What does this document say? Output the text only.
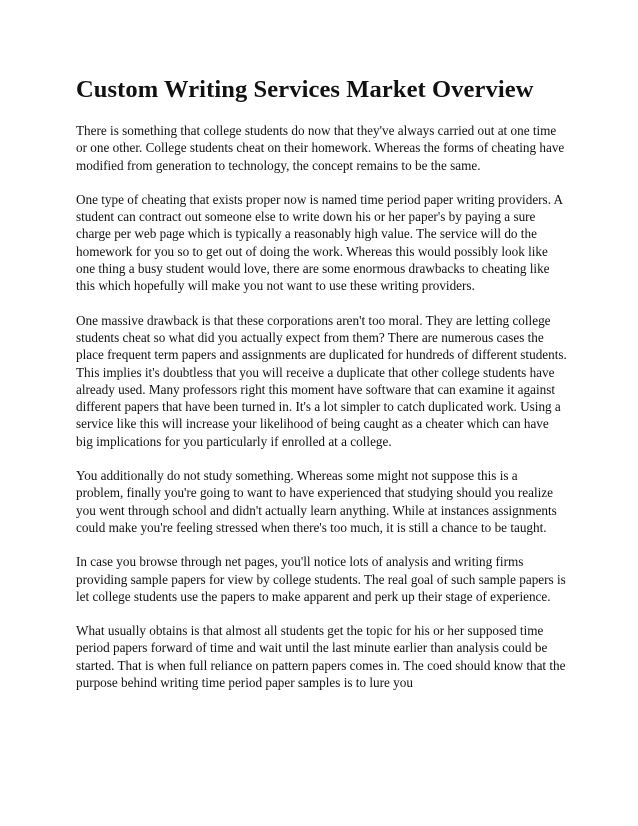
Custom Writing Services Market Overview

There is something that college students do now that they've always carried out at one time or one other. College students cheat on their homework. Whereas the forms of cheating have modified from generation to technology, the concept remains to be the same.

One type of cheating that exists proper now is named time period paper writing providers. A student can contract out someone else to write down his or her paper's by paying a sure charge per web page which is typically a reasonably high value. The service will do the homework for you so to get out of doing the work. Whereas this would possibly look like one thing a busy student would love, there are some enormous drawbacks to cheating like this which hopefully will make you not want to use these writing providers.

One massive drawback is that these corporations aren't too moral. They are letting college students cheat so what did you actually expect from them? There are numerous cases the place frequent term papers and assignments are duplicated for hundreds of different students. This implies it's doubtless that you will receive a duplicate that other college students have already used. Many professors right this moment have software that can examine it against different papers that have been turned in. It's a lot simpler to catch duplicated work. Using a service like this will increase your likelihood of being caught as a cheater which can have big implications for you particularly if enrolled at a college.

You additionally do not study something. Whereas some might not suppose this is a problem, finally you're going to want to have experienced that studying should you realize you went through school and didn't actually learn anything. While at instances assignments could make you're feeling stressed when there's too much, it is still a chance to be taught.

In case you browse through net pages, you'll notice lots of analysis and writing firms providing sample papers for view by college students. The real goal of such sample papers is let college students use the papers to make apparent and perk up their stage of experience.

What usually obtains is that almost all students get the topic for his or her supposed time period papers forward of time and wait until the last minute earlier than analysis could be started. That is when full reliance on pattern papers comes in. The coed should know that the purpose behind writing time period paper samples is to lure you
